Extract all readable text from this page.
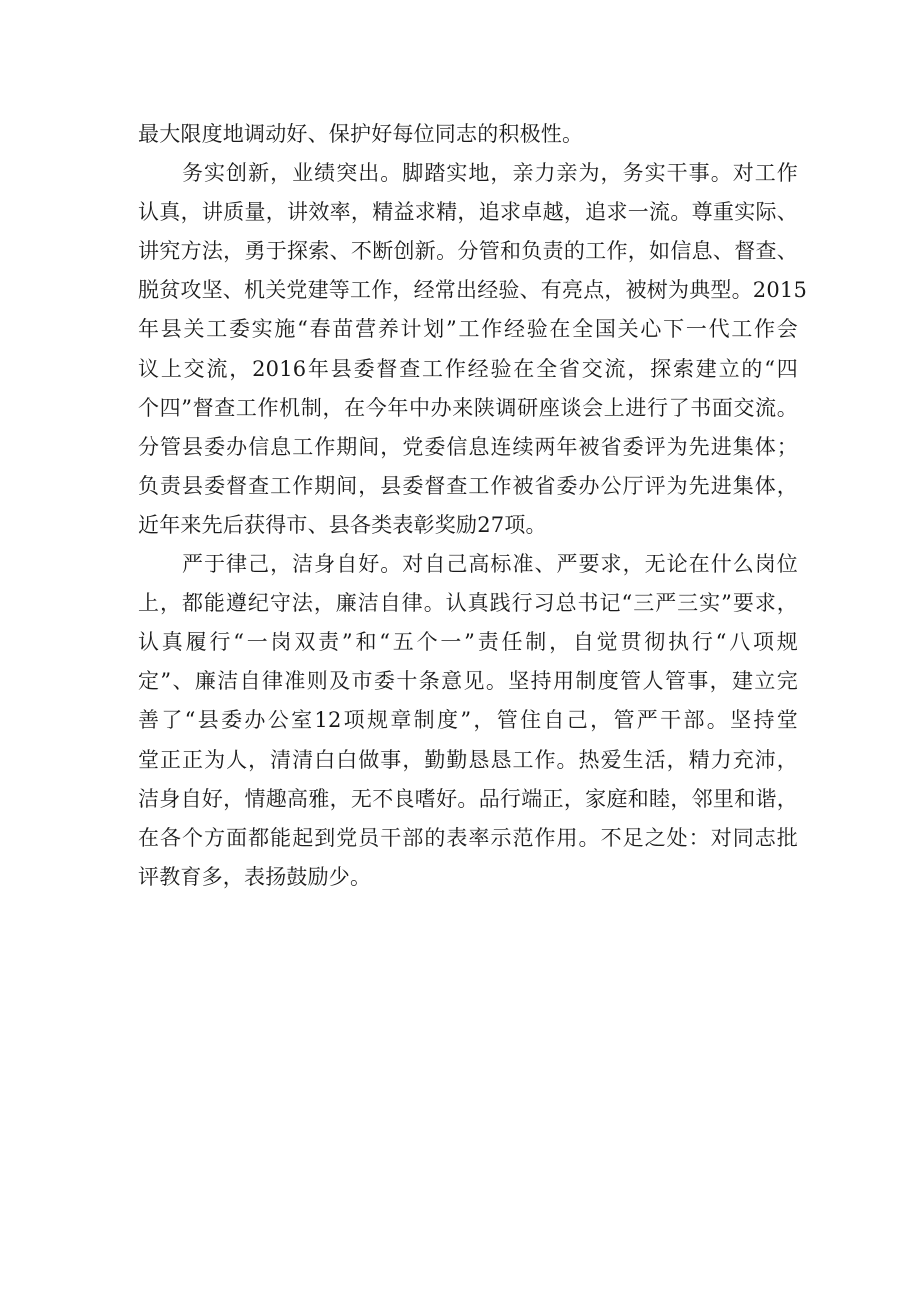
最大限度地调动好、保护好每位同志的积极性。
务实创新，业绩突出。脚踏实地，亲力亲为，务实干事。对工作
认真，讲质量，讲效率，精益求精，追求卓越，追求一流。尊重实际、
讲究方法，勇于探索、不断创新。分管和负责的工作，如信息、督查、
脱贫攻坚、机关党建等工作，经常出经验、有亮点，被树为典型。2015
年县关工委实施“春苗营养计划”工作经验在全国关心下一代工作会
议上交流，2016年县委督查工作经验在全省交流，探索建立的“四
个四”督查工作机制，在今年中办来陕调研座谈会上进行了书面交流。
分管县委办信息工作期间，党委信息连续两年被省委评为先进集体；
负责县委督查工作期间，县委督查工作被省委办公厅评为先进集体，
近年来先后获得市、县各类表彰奖励27项。
严于律己，洁身自好。对自己高标准、严要求，无论在什么岗位
上，都能遵纪守法，廉洁自律。认真践行习总书记“三严三实”要求，
认真履行“一岗双责”和“五个一”责任制，自觉贯彻执行“八项规
定”、廉洁自律准则及市委十条意见。坚持用制度管人管事，建立完
善了“县委办公室12项规章制度”，管住自己，管严干部。坚持堂
堂正正为人，清清白白做事，勤勤恳恳工作。热爱生活，精力充沛，
洁身自好，情趣高雅，无不良嗜好。品行端正，家庭和睦，邻里和谐，
在各个方面都能起到党员干部的表率示范作用。不足之处：对同志批
评教育多，表扬鼓励少。
